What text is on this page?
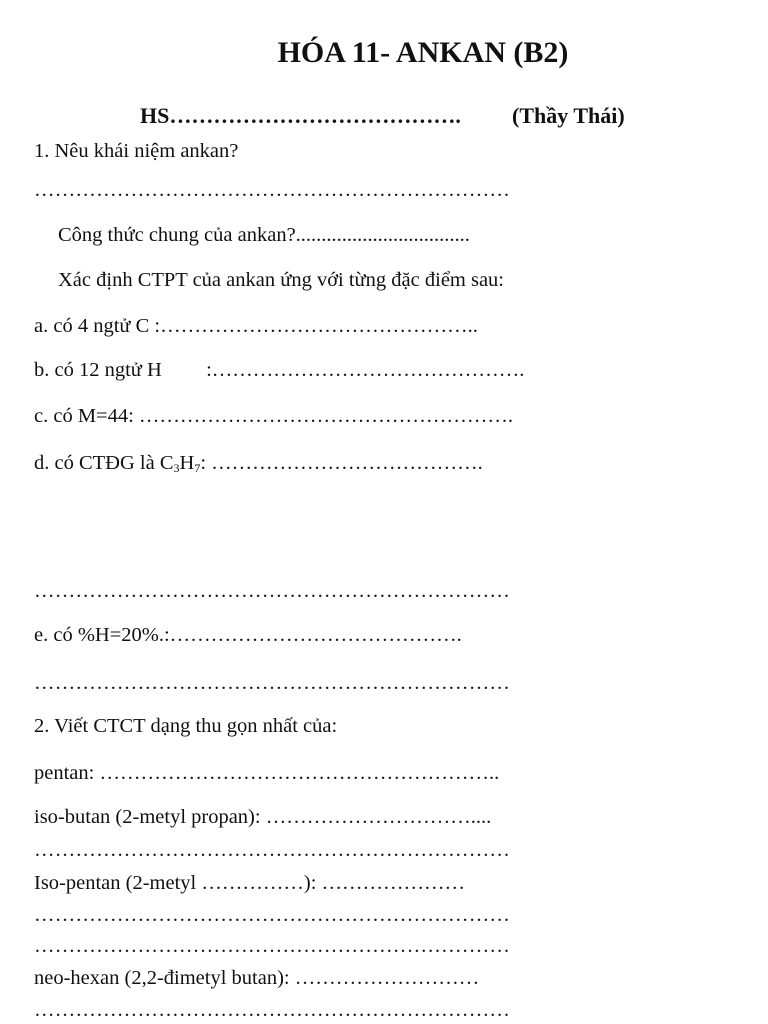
HÓA 11- ANKAN (B2)
HS…………………………………. (Thầy Thái)
1. Nêu khái niệm ankan?
……………………………………………………………
Công thức chung của ankan?..................................
Xác định CTPT của ankan ứng với từng đặc điểm sau:
a. có 4 ngtử C :………………………………………..
b. có 12 ngtử H :……………………………………….
c. có M=44: ……………………………………………….
d. có CTĐG là $C_3H_7$: ………………………………….
……………………………………………………………
e. có %H=20%.:…………………………………….
……………………………………………………………
2. Viết CTCT dạng thu gọn nhất của:
pentan: …………………………………………………..
iso-butan (2-metyl propan): …………………………....
……………………………………………………………
Iso-pentan (2-metyl ……………): …………………
……………………………………………………………
……………………………………………………………
neo-hexan (2,2-đimetyl butan): ………………………
……………………………………………………………
